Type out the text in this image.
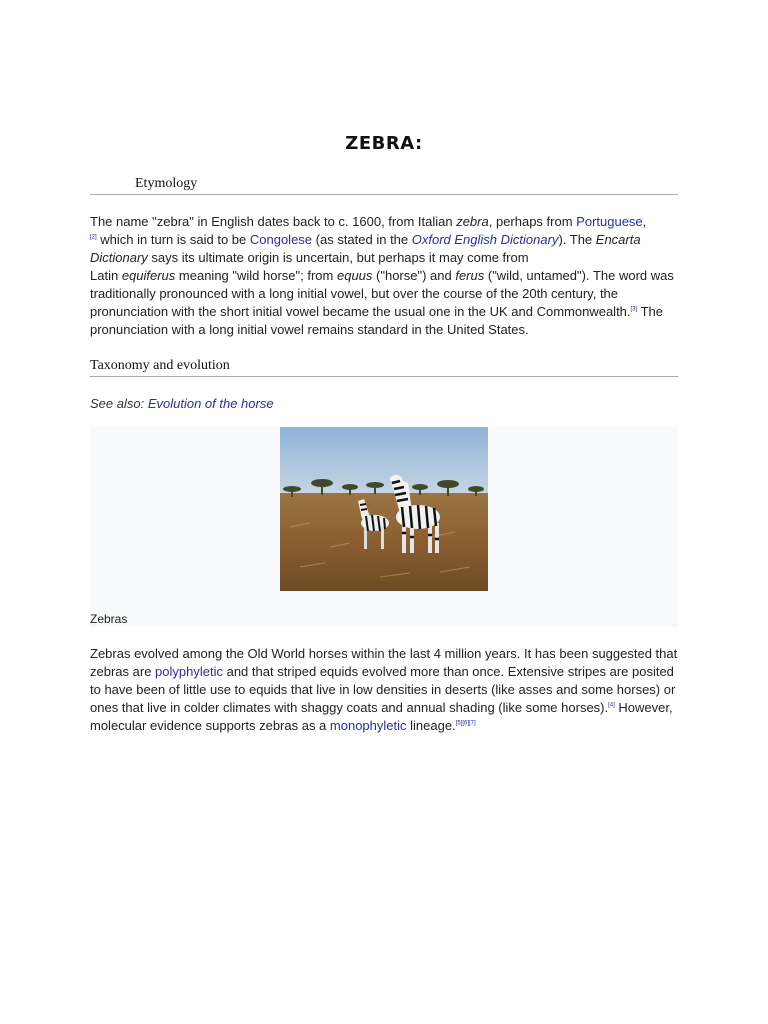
ZEBRA:
Etymology
The name "zebra" in English dates back to c. 1600, from Italian zebra, perhaps from Portuguese,
[2] which in turn is said to be Congolese (as stated in the Oxford English Dictionary). The Encarta Dictionary says its ultimate origin is uncertain, but perhaps it may come from
Latin equiferus meaning "wild horse"; from equus ("horse") and ferus ("wild, untamed"). The word was traditionally pronounced with a long initial vowel, but over the course of the 20th century, the pronunciation with the short initial vowel became the usual one in the UK and Commonwealth.[3] The pronunciation with a long initial vowel remains standard in the United States.
Taxonomy and evolution
See also: Evolution of the horse
Zebras
Zebras evolved among the Old World horses within the last 4 million years. It has been suggested that zebras are polyphyletic and that striped equids evolved more than once. Extensive stripes are posited to have been of little use to equids that live in low densities in deserts (like asses and some horses) or ones that live in colder climates with shaggy coats and annual shading (like some horses).[4] However, molecular evidence supports zebras as a monophyletic lineage.[5][6][7]
